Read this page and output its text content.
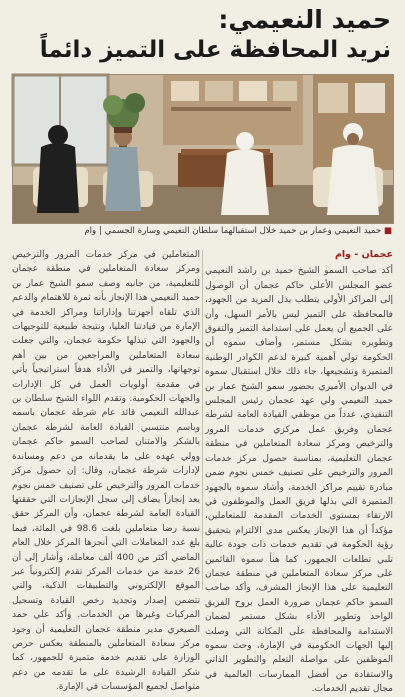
حميد النعيمي:
نريد المحافظة على التميز دائماً
■ حميد النعيمي وعمار بن حميد خلال استقبالهما سلطان النعيمي وسارة الجسمي | وام
عجمان - وام

أكد صاحب السمو الشيخ حميد بن راشد النعيمي عضو المجلس الأعلى حاكم عجمان أن الوصول إلى المراكز الأولى يتطلب بذل المزيد من الجهود، فالمحافظة على التميز ليس بالأمر السهل، وأن على الجميع أن يعمل على استدامة التميز والتفوق وتطويره بشكل مستمر، وأضاف سموه أن الحكومة تولي أهمية كبيرة لدعم الكوادر الوطنية المتميزة وتشجيعها، جاء ذلك خلال استقبال سموه في الديوان الأميري بحضور سمو الشيخ عمار بن حميد النعيمي ولي عهد عجمان رئيس المجلس التنفيذي، عدداً من موظفي القيادة العامة لشرطة عجمان وفريق عمل مركزي خدمات المرور والترخيص ومركز سعادة المتعاملين في منطقة عجمان التعليمية، بمناسبة حصول مركز خدمات المرور والترخيص على تصنيف خمس نجوم ضمن مبادرة تقييم مراكز الخدمة، وأشاد سموه بالجهود المتميزة التي بذلها فريق العمل والموظفون في الارتقاء بمستوى الخدمات المقدمة للمتعاملين، مؤكداً أن هذا الإنجاز يعكس مدى الالتزام بتحقيق رؤية الحكومة في تقديم خدمات ذات جودة عالية تلبي تطلعات الجمهور، كما هنأ سموه القائمين على مركز سعادة المتعاملين في منطقة عجمان التعليمية على هذا الإنجاز المشرف، وأكد صاحب السمو حاكم عجمان ضرورة العمل بروح الفريق الواحد وتطوير الأداء بشكل مستمر لضمان الاستدامة والمحافظة على المكانة التي وصلت إليها الجهات الحكومية في الإمارة، وحث سموه الموظفين على مواصلة التعلم والتطوير الذاتي والاستفادة من أفضل الممارسات العالمية في مجال تقديم الخدمات.

المتعاملين في مركز خدمات المرور والترخيص ومركز سعادة المتعاملين في منطقة عجمان للتعليمية، من جانبه وصف سمو الشيخ عمار بن حميد النعيمي هذا الإنجاز بأنه ثمرة للاهتمام والدعم الذي تلقاه أجهزتنا وإداراتنا ومراكز الخدمة في الإمارة من قيادتنا العليا، ونتيجة طبيعية للتوجيهات والجهود التي تبذلها حكومة عجمان، والتي جعلت سعادة المتعاملين والمراجعين من بين أهم توجهاتها، والتميز في الأداء هدفاً استراتيجياً يأتي في مقدمة أولويات العمل في كل الإدارات والجهات الحكومية. وتقدم اللواء الشيخ سلطان بن عبدالله النعيمي قائد عام شرطة عجمان باسمه وباسم منتسبي القيادة العامة لشرطة عجمان بالشكر والامتنان لصاحب السمو حاكم عجمان وولي عهده على ما يقدمانه من دعم ومساندة لإدارات شرطة عجمان، وقال: إن حصول مركز خدمات المرور والترخيص على تصنيف خمس نجوم يعد إنجازاً يضاف إلى سجل الإنجازات التي حققتها القيادة العامة لشرطة عجمان، وأن المركز حقق نسبة رضا متعاملين بلغت 98.6 في المائة، فيما بلغ عدد المعاملات التي أنجزها المركز خلال العام الماضي أكثر من 400 ألف معاملة، وأشار إلى أن 26 خدمة من خدمات المركز تقدم إلكترونياً عبر الموقع الإلكتروني والتطبيقات الذكية، والتي تتضمن إصدار وتجديد رخص القيادة وتسجيل المركبات وغيرها من الخدمات. وأكد علي حمد الصيعري مدير منطقة عجمان التعليمية أن وجود مركز سعادة المتعاملين بالمنطقة يعكس حرص الوزارة على تقديم خدمة متميزة للجمهور، كما شكر القيادة الرشيدة على ما تقدمه من دعم متواصل لجميع المؤسسات في الإمارة.
